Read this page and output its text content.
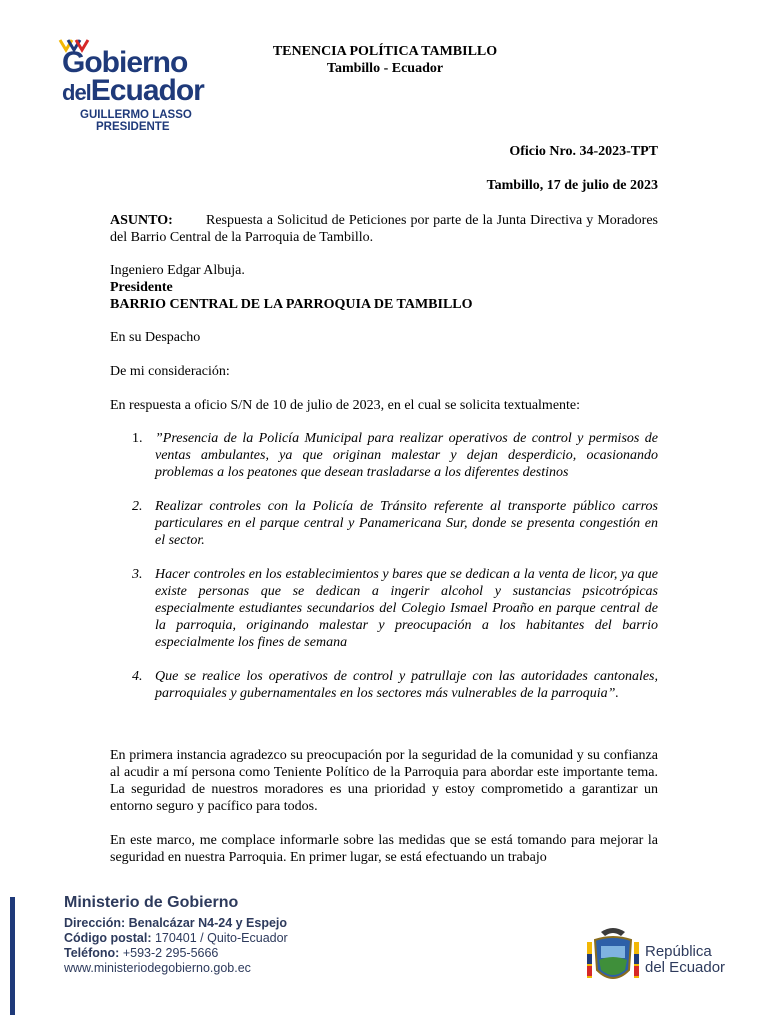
Gobierno
delEcuador
GUILLERMO LASSO
PRESIDENTE
TENENCIA POLÍTICA TAMBILLO
Tambillo - Ecuador
Oficio Nro. 34-2023-TPT
Tambillo, 17 de julio de 2023
ASUNTO: Respuesta a Solicitud de Peticiones por parte de la Junta Directiva y Moradores del Barrio Central de la Parroquia de Tambillo.
Ingeniero Edgar Albuja.
Presidente
BARRIO CENTRAL DE LA PARROQUIA DE TAMBILLO
En su Despacho
De mi consideración:
En respuesta a oficio S/N de 10 de julio de 2023, en el cual se solicita textualmente:
1. ”Presencia de la Policía Municipal para realizar operativos de control y permisos de ventas ambulantes, ya que originan malestar y dejan desperdicio, ocasionando problemas a los peatones que desean trasladarse a los diferentes destinos
2. Realizar controles con la Policía de Tránsito referente al transporte público carros particulares en el parque central y Panamericana Sur, donde se presenta congestión en el sector.
3. Hacer controles en los establecimientos y bares que se dedican a la venta de licor, ya que existe personas que se dedican a ingerir alcohol y sustancias psicotrópicas especialmente estudiantes secundarios del Colegio Ismael Proaño en parque central de la parroquia, originando malestar y preocupación a los habitantes del barrio especialmente los fines de semana
4. Que se realice los operativos de control y patrullaje con las autoridades cantonales, parroquiales y gubernamentales en los sectores más vulnerables de la parroquia”.
En primera instancia agradezco su preocupación por la seguridad de la comunidad y su confianza al acudir a mí persona como Teniente Político de la Parroquia para abordar este importante tema. La seguridad de nuestros moradores es una prioridad y estoy comprometido a garantizar un entorno seguro y pacífico para todos.
En este marco, me complace informarle sobre las medidas que se está tomando para mejorar la seguridad en nuestra Parroquia. En primer lugar, se está efectuando un trabajo
Ministerio de Gobierno
Dirección: Benalcázar N4-24 y Espejo
Código postal: 170401 / Quito-Ecuador
Teléfono: +593-2 295-5666
www.ministeriodegobierno.gob.ec
República
del Ecuador
